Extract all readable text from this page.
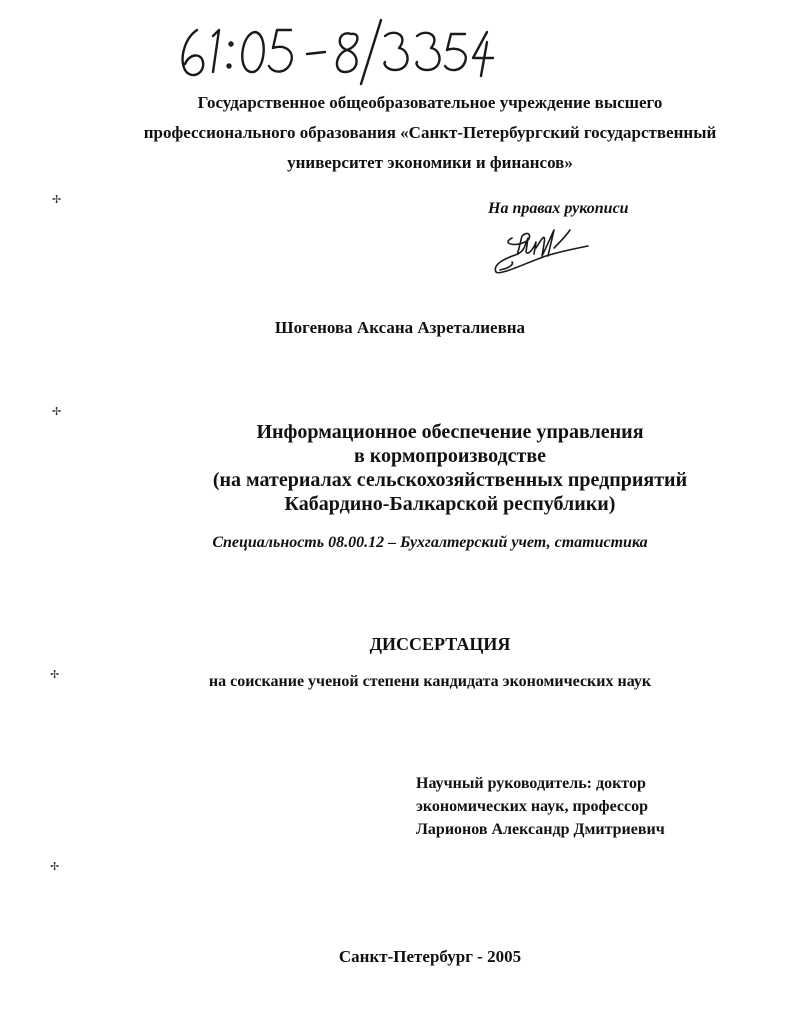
Государственное общеобразовательное учреждение высшего
профессионального образования «Санкт-Петербургский государственный
университет экономики и финансов»
✢
На правах рукописи
Шогенова Аксана Азреталиевна
✢
Информационное обеспечение управления
в кормопроизводстве
(на материалах сельскохозяйственных предприятий
Кабардино-Балкарской республики)
Специальность 08.00.12 – Бухгалтерский учет, статистика
ДИССЕРТАЦИЯ
✢	на соискание ученой степени кандидата экономических наук
Научный руководитель: доктор
экономических наук, профессор
Ларионов Александр Дмитриевич
✢
Санкт-Петербург - 2005
